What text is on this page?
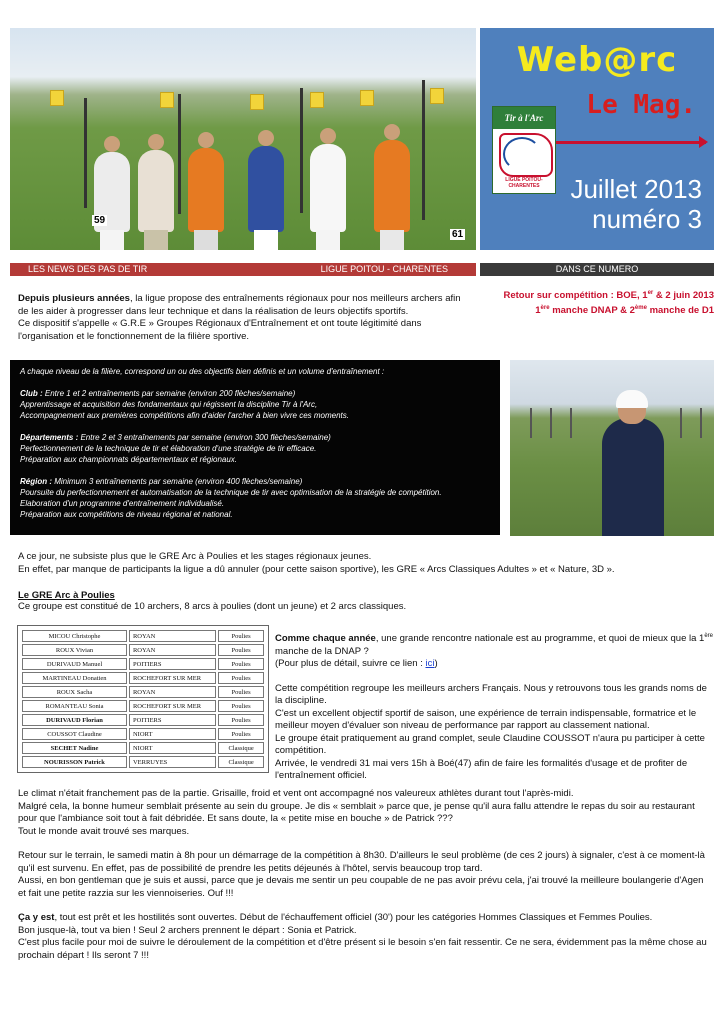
59
61
Web@rc
Le Mag.
Tir à l'Arc
LIGUE POITOU-CHARENTES	Juillet 2013
numéro 3
LES NEWS DES PAS DE TIR	LIGUE POITOU - CHARENTES	DANS CE NUMERO
Retour sur compétition : BOE, 1er & 2 juin 2013
1ère manche DNAP & 2ème manche de D1
Depuis plusieurs années, la ligue propose des entraînements régionaux pour nos meilleurs archers afin de les aider à progresser dans leur technique et dans la réalisation de leurs objectifs sportifs.
Ce dispositif s'appelle « G.R.E » Groupes Régionaux d'Entraînement et ont toute légitimité dans l'organisation et le fonctionnement de la filière sportive.

A chaque niveau de la filière, correspond un ou des objectifs bien définis et un volume d'entraînement :

Club : Entre 1 et 2 entraînements par semaine (environ 200 flèches/semaine)

Apprentissage et acquisition des fondamentaux qui régissent la discipline Tir à l'Arc,

Accompagnement aux premières compétitions afin d'aider l'archer à bien vivre ces moments.

Départements : Entre 2 et 3 entraînements par semaine (environ 300 flèches/semaine)

Perfectionnement de la technique de tir et élaboration d'une stratégie de tir efficace.

Préparation aux championnats départementaux et régionaux.

Région : Minimum 3 entraînements par semaine (environ 400 flèches/semaine)

Poursuite du perfectionnement et automatisation de la technique de tir avec optimisation de la stratégie de compétition.

Elaboration d'un programme d'entraînement individualisé.

Préparation aux compétitions de niveau régional et national.

A ce jour, ne subsiste plus que le GRE Arc à Poulies et les stages régionaux jeunes.
En effet, par manque de participants la ligue a dû annuler (pour cette saison sportive), les GRE « Arcs Classiques Adultes » et « Nature, 3D ».
Le GRE Arc à Poulies
Ce groupe est constitué de 10 archers, 8 arcs à poulies (dont un jeune) et 2 arcs classiques.
MICOU Christophe	ROYAN	Poulies
ROUX Vivian	ROYAN	Poulies
DURIVAUD Manuel	POITIERS	Poulies
MARTINEAU Donatien	ROCHEFORT SUR MER	Poulies
ROUX Sacha	ROYAN	Poulies
ROMANTEAU Sonia	ROCHEFORT SUR MER	Poulies
DURIVAUD Florian	POITIERS	Poulies
COUSSOT Claudine	NIORT	Poulies
SECHET Nadine	NIORT	Classique
NOURISSON Patrick	VERRUYES	Classique
Comme chaque année, une grande rencontre nationale est au programme, et quoi de mieux que la 1ère manche de la DNAP ?
(Pour plus de détail, suivre ce lien : ici)
Cette compétition regroupe les meilleurs archers Français. Nous y retrouvons tous les grands noms de la discipline.
C'est un excellent objectif sportif de saison, une expérience de terrain indispensable, formatrice et le meilleur moyen d'évaluer son niveau de performance par rapport au classement national.
Le groupe était pratiquement au grand complet, seule Claudine COUSSOT n'aura pu participer à cette compétition.
Arrivée, le vendredi 31 mai vers 15h à Boé(47) afin de faire les formalités d'usage et de profiter de l'entraînement officiel.
Le climat n'était franchement pas de la partie. Grisaille, froid et vent ont accompagné nos valeureux athlètes durant tout l'après-midi.
Malgré cela, la bonne humeur semblait présente au sein du groupe. Je dis « semblait » parce que, je pense qu'il aura fallu attendre le repas du soir au restaurant pour que l'ambiance soit tout à fait débridée. Et sans doute, la « petite mise en bouche » de Patrick ???
Tout le monde avait trouvé ses marques.
Retour sur le terrain, le samedi matin à 8h pour un démarrage de la compétition à 8h30. D'ailleurs le seul problème (de ces 2 jours) à signaler, c'est à ce moment-là qu'il est survenu. En effet, pas de possibilité de prendre les petits déjeunés à l'hôtel, servis beaucoup trop tard.
Aussi, en bon gentleman que je suis et aussi, parce que je devais me sentir un peu coupable de ne pas avoir prévu cela, j'ai trouvé la meilleure boulangerie d'Agen et fait une petite razzia sur les viennoiseries. Ouf !!!
Ça y est, tout est prêt et les hostilités sont ouvertes. Début de l'échauffement officiel (30') pour les catégories Hommes Classiques et Femmes Poulies.
Bon jusque-là, tout va bien ! Seul 2 archers prennent le départ : Sonia et Patrick.
C'est plus facile pour moi de suivre le déroulement de la compétition et d'être présent si le besoin s'en fait ressentir. Ce ne sera, évidemment pas la même chose au prochain départ ! Ils seront 7 !!!
